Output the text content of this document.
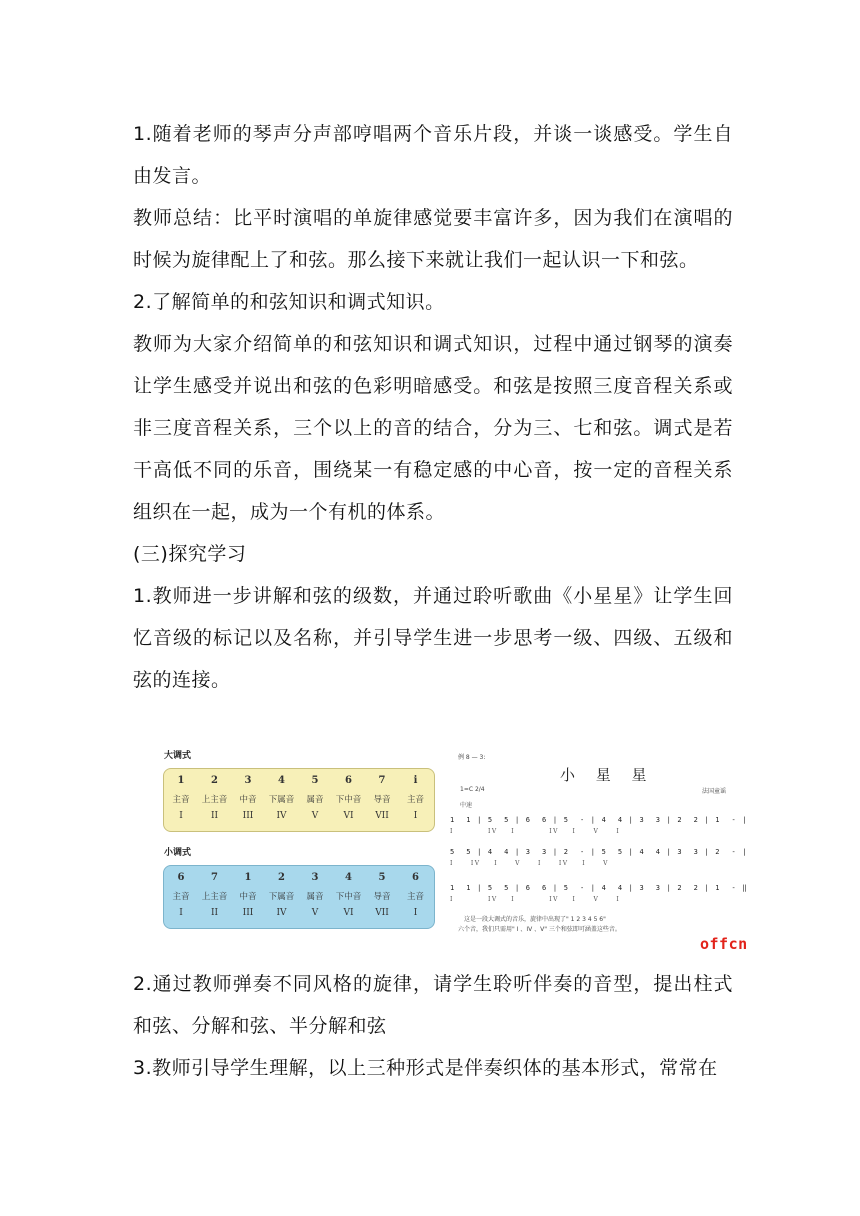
1.随着老师的琴声分声部哼唱两个音乐片段，并谈一谈感受。学生自由发言。

教师总结：比平时演唱的单旋律感觉要丰富许多，因为我们在演唱的时候为旋律配上了和弦。那么接下来就让我们一起认识一下和弦。

2.了解简单的和弦知识和调式知识。

教师为大家介绍简单的和弦知识和调式知识，过程中通过钢琴的演奏让学生感受并说出和弦的色彩明暗感受。和弦是按照三度音程关系或非三度音程关系，三个以上的音的结合，分为三、七和弦。调式是若干高低不同的乐音，围绕某一有稳定感的中心音，按一定的音程关系组织在一起，成为一个有机的体系。

(三)探究学习

1.教师进一步讲解和弦的级数，并通过聆听歌曲《小星星》让学生回忆音级的标记以及名称，并引导学生进一步思考一级、四级、五级和弦的连接。

大调式
1	2	3	4	5	6	7	i
主音	上主音	中音	下属音	属音	下中音	导音	主音
I	II	III	IV	V	VI	VII	I
小调式
6	7	1	2	3	4	5	6
主音	上主音	中音	下属音	属音	下中音	导音	主音
I	II	III	IV	V	VI	VII	I
例 8 — 3:
小 星 星
法国童谣
1=C 2/4
中速
1  1 | 5  5 | 6  6 | 5  - | 4  4 | 3  3 | 2  2 | 1  - |
I          IV    I          IV    I     V     I
5  5 | 4  4 | 3  3 | 2  - | 5  5 | 4  4 | 3  3 | 2  - |
I     IV    I     V     I     IV    I     V
1  1 | 5  5 | 6  6 | 5  - | 4  4 | 3  3 | 2  2 | 1  - ‖
I          IV    I          IV    I     V     I
这是一段大调式的音乐，旋律中出现了" 1 2 3 4 5 6"
六个音，我们只需用" I 、IV 、V" 三个和弦即可涵盖这些音。
offcn

2.通过教师弹奏不同风格的旋律，请学生聆听伴奏的音型，提出柱式和弦、分解和弦、半分解和弦

3.教师引导学生理解，以上三种形式是伴奏织体的基本形式，常常在
